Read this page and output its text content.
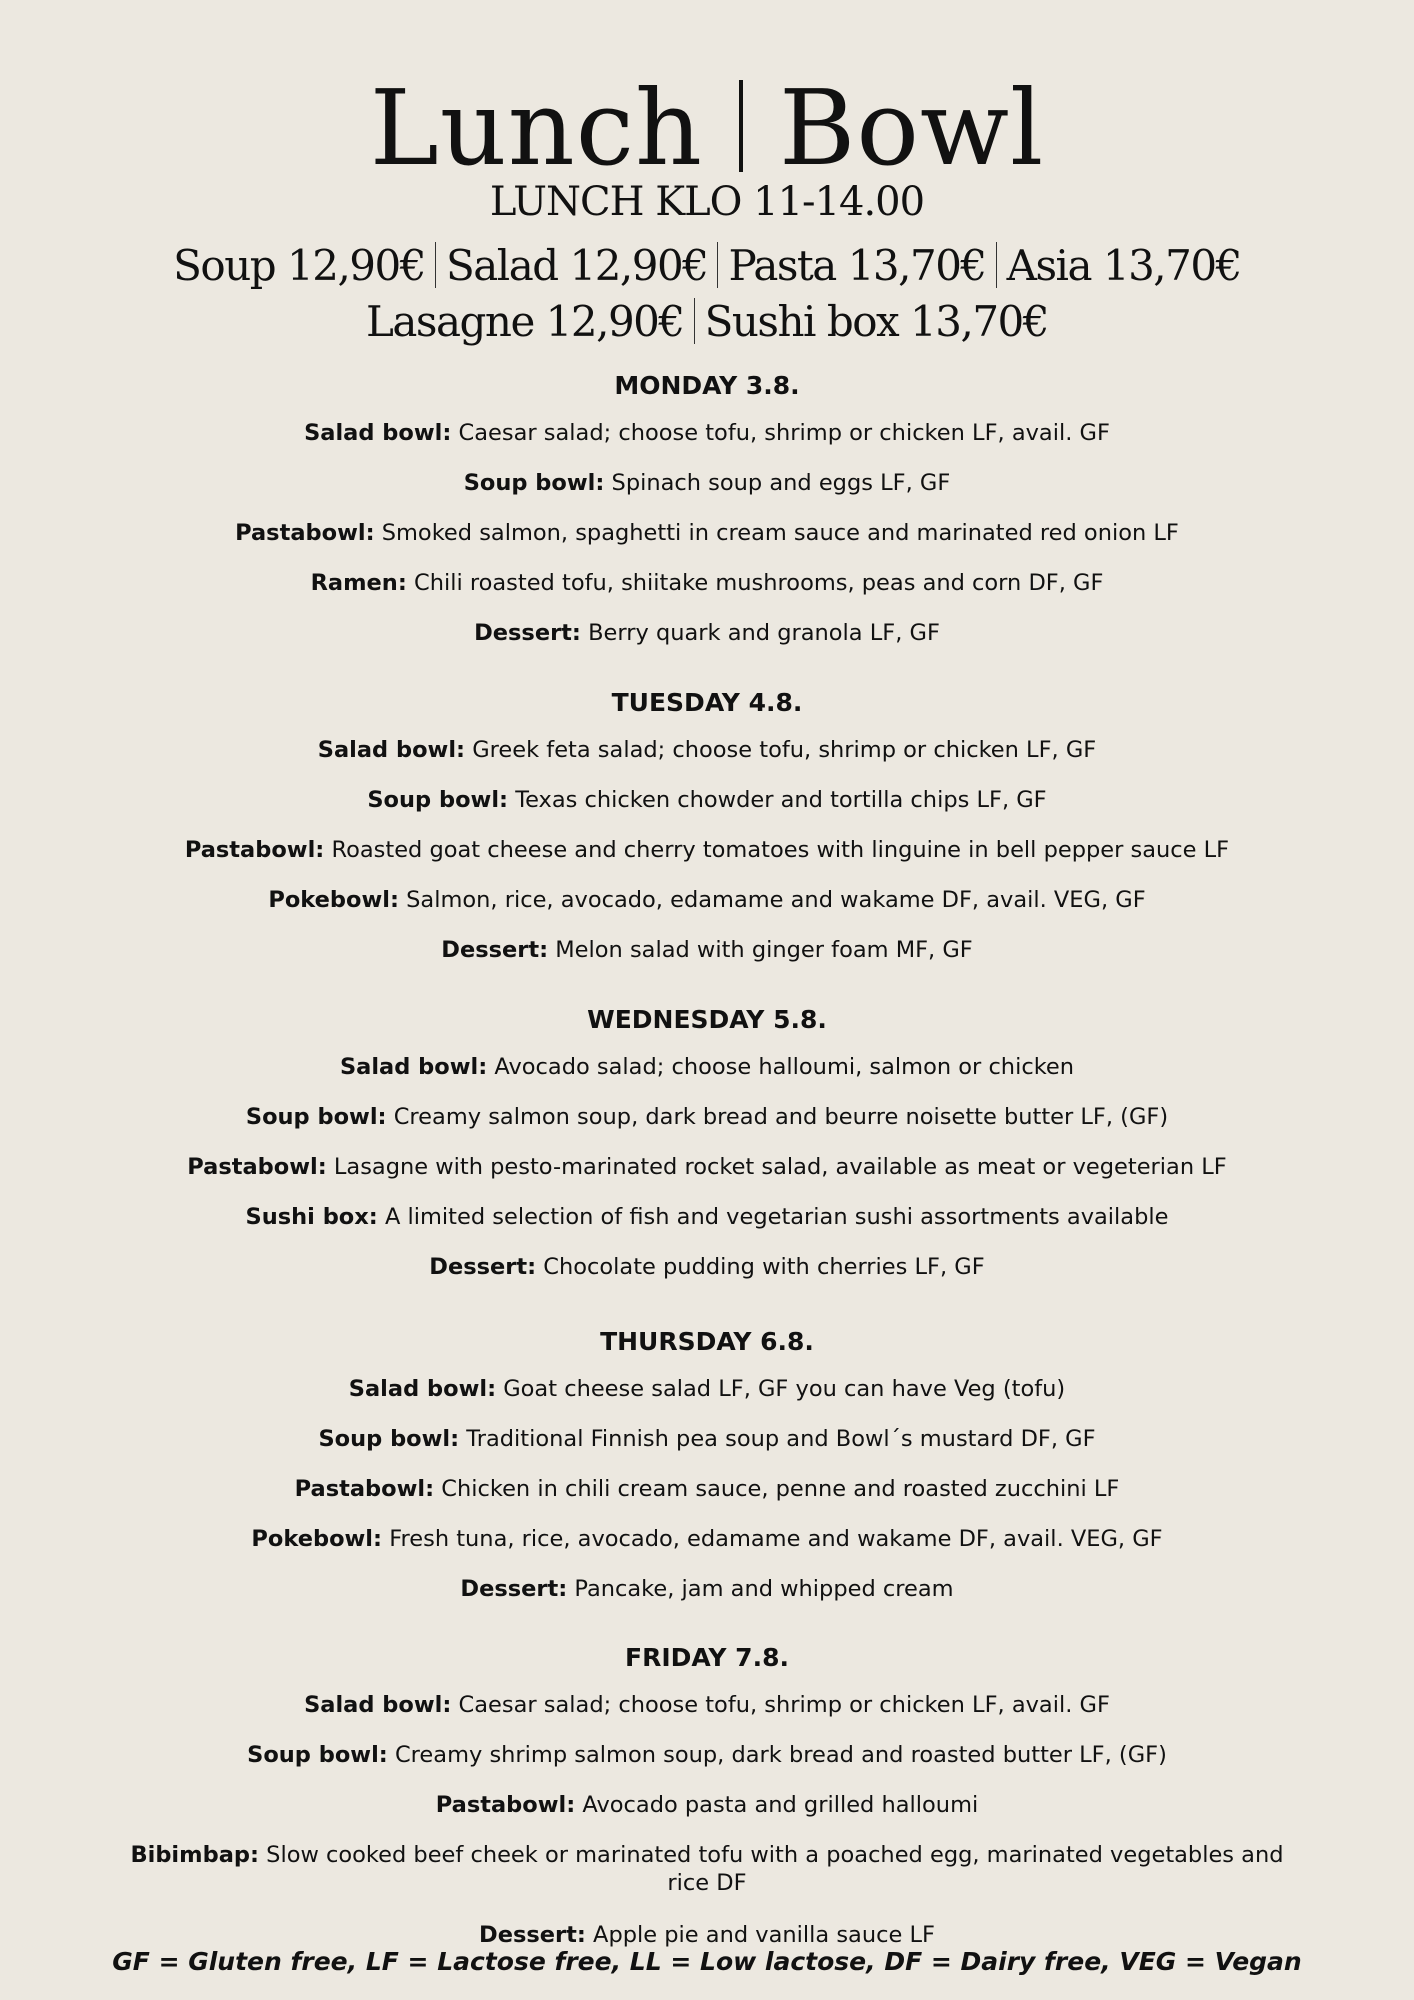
Lunch Bowl
LUNCH KLO 11-14.00
Soup 12,90€ Salad 12,90€ Pasta 13,70€ Asia 13,70€
Lasagne 12,90€ Sushi box 13,70€
MONDAY 3.8.
Salad bowl: Caesar salad; choose tofu, shrimp or chicken LF, avail. GF
Soup bowl: Spinach soup and eggs LF, GF
Pastabowl: Smoked salmon, spaghetti in cream sauce and marinated red onion LF
Ramen: Chili roasted tofu, shiitake mushrooms, peas and corn DF, GF
Dessert: Berry quark and granola LF, GF
TUESDAY 4.8.
Salad bowl: Greek feta salad; choose tofu, shrimp or chicken LF, GF
Soup bowl: Texas chicken chowder and tortilla chips LF, GF
Pastabowl: Roasted goat cheese and cherry tomatoes with linguine in bell pepper sauce LF
Pokebowl: Salmon, rice, avocado, edamame and wakame DF, avail. VEG, GF
Dessert: Melon salad with ginger foam MF, GF
WEDNESDAY 5.8.
Salad bowl: Avocado salad; choose halloumi, salmon or chicken
Soup bowl: Creamy salmon soup, dark bread and beurre noisette butter LF, (GF)
Pastabowl: Lasagne with pesto-marinated rocket salad, available as meat or vegeterian LF
Sushi box: A limited selection of fish and vegetarian sushi assortments available
Dessert: Chocolate pudding with cherries LF, GF
THURSDAY 6.8.
Salad bowl: Goat cheese salad LF, GF you can have Veg (tofu)
Soup bowl: Traditional Finnish pea soup and Bowl´s mustard DF, GF
Pastabowl: Chicken in chili cream sauce, penne and roasted zucchini LF
Pokebowl: Fresh tuna, rice, avocado, edamame and wakame DF, avail. VEG, GF
Dessert: Pancake, jam and whipped cream
FRIDAY 7.8.
Salad bowl: Caesar salad; choose tofu, shrimp or chicken LF, avail. GF
Soup bowl: Creamy shrimp salmon soup, dark bread and roasted butter LF, (GF)
Pastabowl: Avocado pasta and grilled halloumi
Bibimbap: Slow cooked beef cheek or marinated tofu with a poached egg, marinated vegetables and rice DF
Dessert: Apple pie and vanilla sauce LF
GF = Gluten free, LF = Lactose free, LL = Low lactose, DF = Dairy free, VEG = Vegan
